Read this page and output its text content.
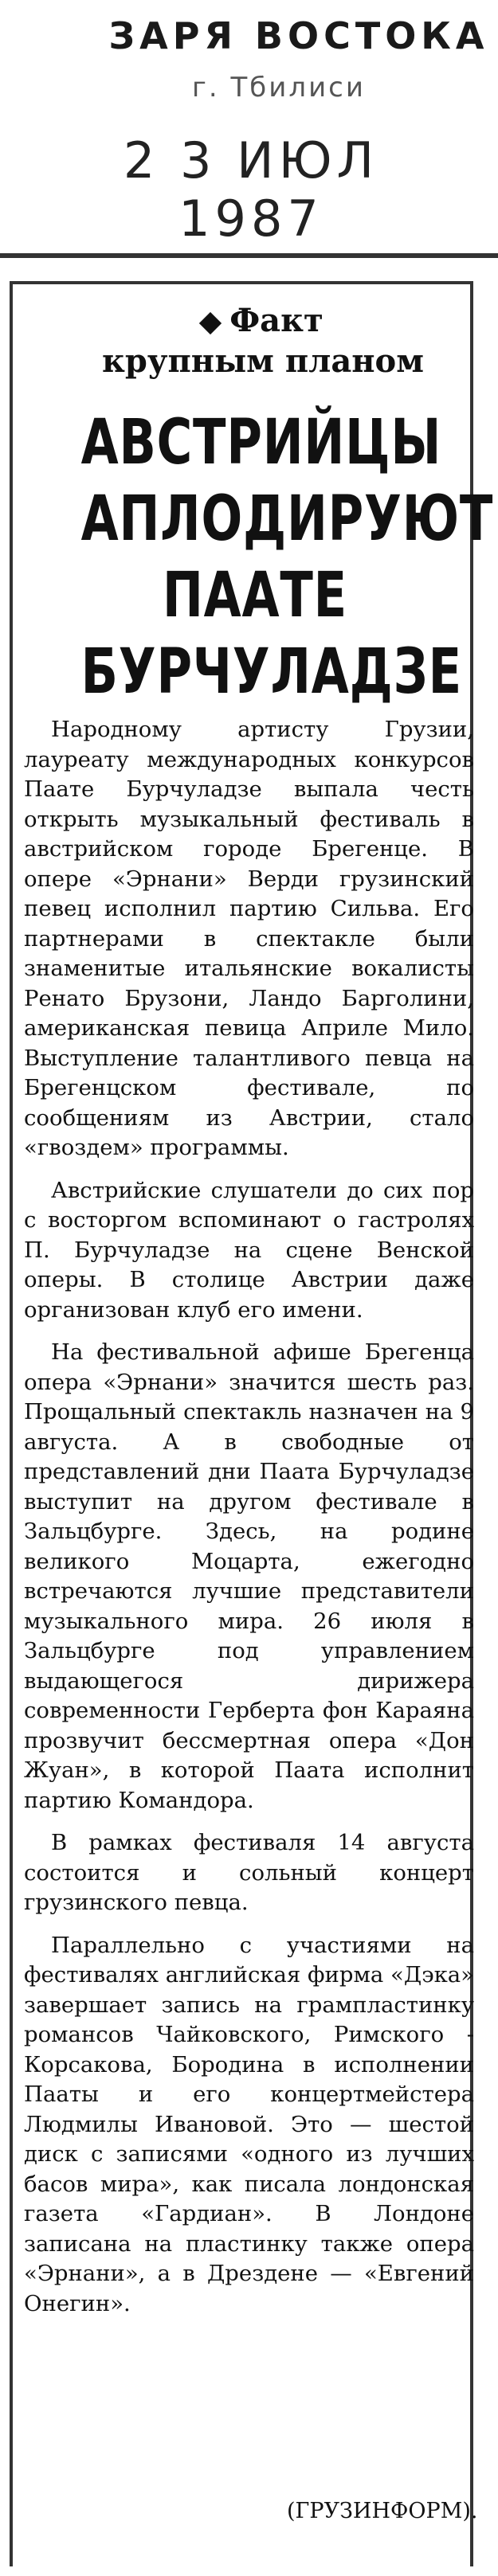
ЗАРЯ ВОСТОКА
г. Тбилиси
2 3 ИЮЛ 1987
Факт
крупным планом
АВСТРИЙЦЫ
АПЛОДИРУЮТ
ПААТЕ
БУРЧУЛАДЗЕ

Народному артисту Грузии, лауреату международных конкурсов Паате Бурчуладзе выпала честь открыть музыкальный фестиваль в австрийском городе Брегенце. В опере «Эрнани» Верди грузинский певец исполнил партию Сильва. Его партнерами в спектакле были знаменитые итальянские вокалисты Ренато Брузони, Ландо Барголини, американская певица Априле Мило. Выступление талантливого певца на Брегенцском фестивале, по сообщениям из Австрии, стало «гвоздем» программы.

Австрийские слушатели до сих пор с восторгом вспоминают о гастролях П. Бурчуладзе на сцене Венской оперы. В столице Австрии даже организован клуб его имени.

На фестивальной афише Брегенца опера «Эрнани» значится шесть раз. Прощальный спектакль назначен на 9 августа. А в свободные от представлений дни Паата Бурчуладзе выступит на другом фестивале в Зальцбурге. Здесь, на родине великого Моцарта, ежегодно встречаются лучшие представители музыкального мира. 26 июля в Зальцбурге под управлением выдающегося дирижера современности Герберта фон Караяна прозвучит бессмертная опера «Дон Жуан», в которой Паата исполнит партию Командора.

В рамках фестиваля 14 августа состоится и сольный концерт грузинского певца.

Параллельно с участиями на фестивалях английская фирма «Дэка» завершает запись на грампластинку романсов Чайковского, Римского - Корсакова, Бородина в исполнении Пааты и его концертмейстера Людмилы Ивановой. Это — шестой диск с записями «одного из лучших басов мира», как писала лондонская газета «Гардиан». В Лондоне записана на пластинку также опера «Эрнани», а в Дрездене — «Евгений Онегин».

(ГРУЗИНФОРМ).
